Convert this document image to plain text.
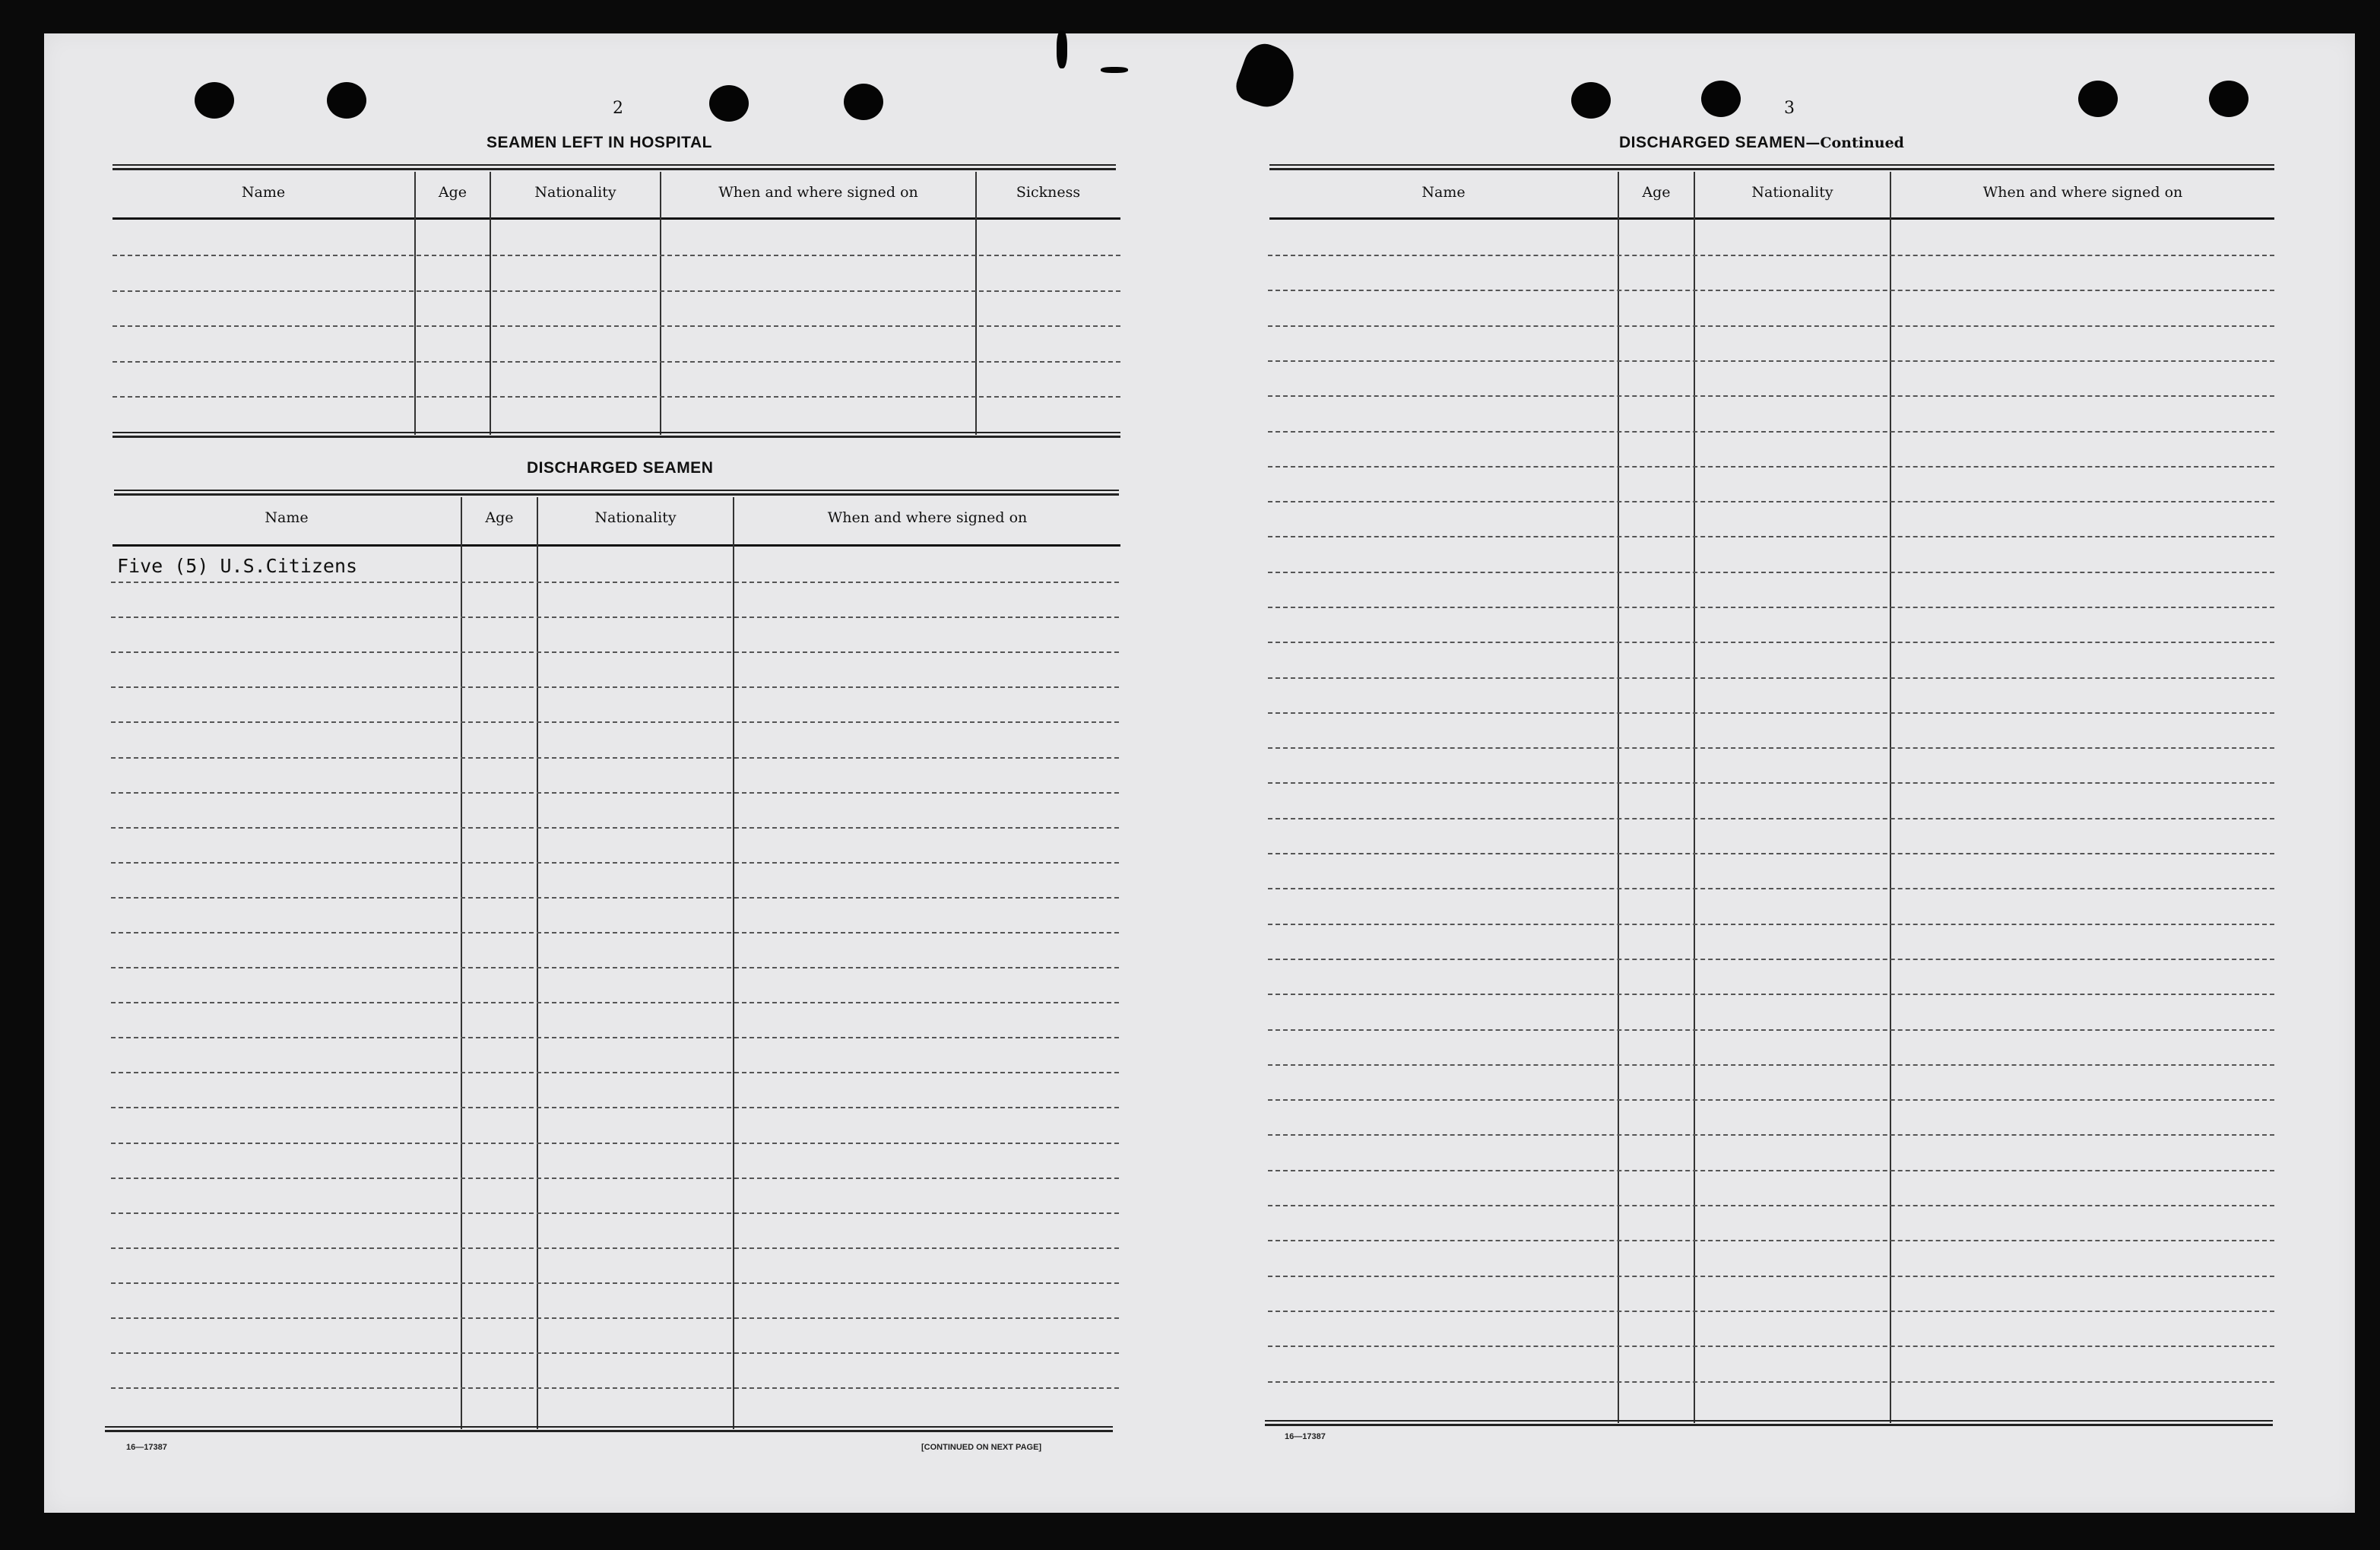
2
SEAMEN LEFT IN HOSPITAL
Name	Age	Nationality	When and where signed on	Sickness
DISCHARGED SEAMEN
Name	Age	Nationality	When and where signed on
Five (5) U.S.Citizens
16—17387	[CONTINUED ON NEXT PAGE]
3
DISCHARGED SEAMEN—Continued
Name	Age	Nationality	When and where signed on
16—17387
